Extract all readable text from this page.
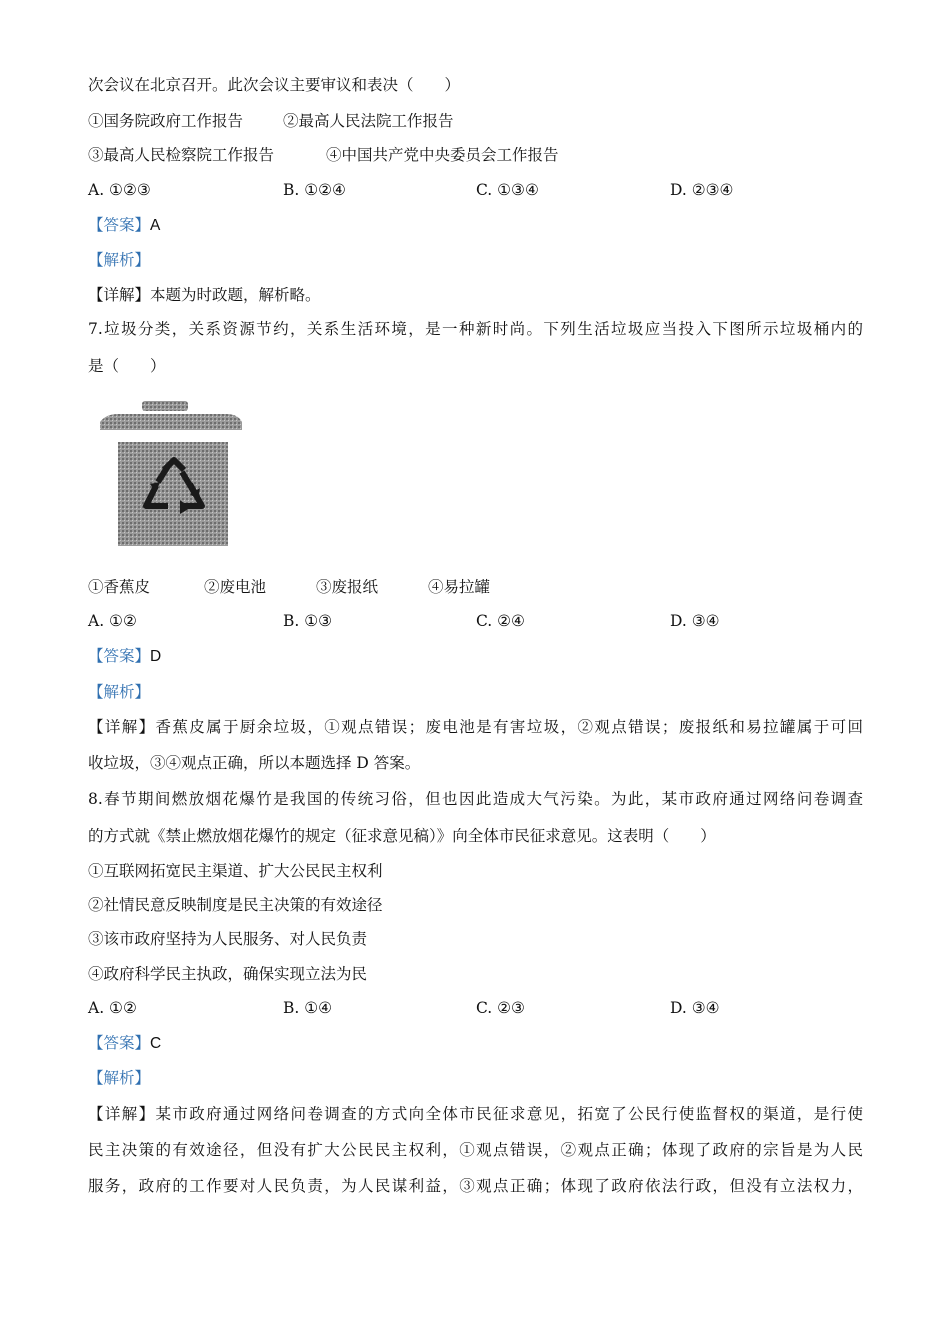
次会议在北京召开。此次会议主要审议和表决（　　）
①国务院政府工作报告	②最高人民法院工作报告
③最高人民检察院工作报告	④中国共产党中央委员会工作报告
A. ①②③	B. ①②④	C. ①③④	D. ②③④
【答案】A
【解析】
【详解】本题为时政题，解析略。
7.垃圾分类，关系资源节约，关系生活环境，是一种新时尚。下列生活垃圾应当投入下图所示垃圾桶内的
是（　　）
①香蕉皮	②废电池	③废报纸	④易拉罐
A. ①②	B. ①③	C. ②④	D. ③④
【答案】D
【解析】
【详解】香蕉皮属于厨余垃圾，①观点错误；废电池是有害垃圾，②观点错误；废报纸和易拉罐属于可回
收垃圾，③④观点正确，所以本题选择 D 答案。
8.春节期间燃放烟花爆竹是我国的传统习俗，但也因此造成大气污染。为此，某市政府通过网络问卷调查
的方式就《禁止燃放烟花爆竹的规定（征求意见稿）》向全体市民征求意见。这表明（　　）
①互联网拓宽民主渠道、扩大公民民主权利
②社情民意反映制度是民主决策的有效途径
③该市政府坚持为人民服务、对人民负责
④政府科学民主执政，确保实现立法为民
A. ①②	B. ①④	C. ②③	D. ③④
【答案】C
【解析】
【详解】某市政府通过网络问卷调查的方式向全体市民征求意见，拓宽了公民行使监督权的渠道，是行使
民主决策的有效途径，但没有扩大公民民主权利，①观点错误，②观点正确；体现了政府的宗旨是为人民
服务，政府的工作要对人民负责，为人民谋利益，③观点正确；体现了政府依法行政，但没有立法权力，
